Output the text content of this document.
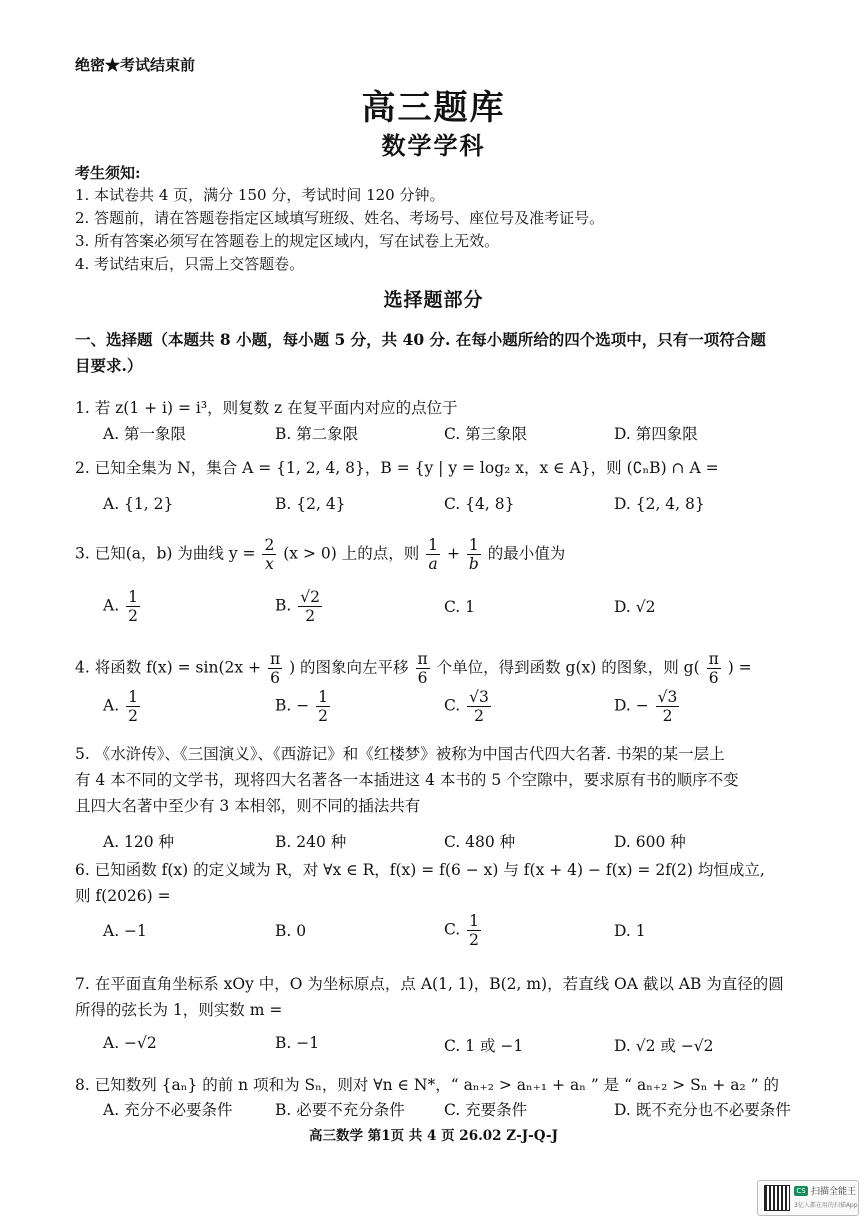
绝密★考试结束前
高三题库
数学学科
考生须知:
1. 本试卷共 4 页，满分 150 分，考试时间 120 分钟。
2. 答题前，请在答题卷指定区域填写班级、姓名、考场号、座位号及准考证号。
3. 所有答案必须写在答题卷上的规定区域内，写在试卷上无效。
4. 考试结束后，只需上交答题卷。
选择题部分
一、选择题（本题共 8 小题，每小题 5 分，共 40 分. 在每小题所给的四个选项中，只有一项符合题
目要求.）
1. 若 z(1 + i) = i³，则复数 z 在复平面内对应的点位于
A. 第一象限	B. 第二象限	C. 第三象限	D. 第四象限
2. 已知全集为 N，集合 A = {1, 2, 4, 8}，B = {y | y = log₂ x，x ∈ A}，则 (∁ₙB) ∩ A =
A. {1, 2}	B. {2, 4}	C. {4, 8}	D. {2, 4, 8}
3. 已知(a，b) 为曲线 $y = \frac{2}{x} (x > 0)$ 上的点，则 $\frac{1}{a} + \frac{1}{b}$ 的最小值为
A. $\frac{1}{2}$	B. $\frac{√2}{2}$	C. 1	D. √2
4. 将函数 $f(x) = \sin(2x + \frac{\pi}{6}$ ) 的图象向左平移 $\frac{\pi}{6}$ 个单位，得到函数 g(x) 的图象，则 $g( \frac{\pi}{6}$ ) =
A. $\frac{1}{2}$	B. − $\frac{1}{2}$	C. $\frac{√3}{2}$	D. − $\frac{√3}{2}$
5. 《水浒传》、《三国演义》、《西游记》和《红楼梦》被称为中国古代四大名著. 书架的某一层上
有 4 本不同的文学书，现将四大名著各一本插进这 4 本书的 5 个空隙中，要求原有书的顺序不变
且四大名著中至少有 3 本相邻，则不同的插法共有
A. 120 种	B. 240 种	C. 480 种	D. 600 种
6. 已知函数 f(x) 的定义域为 R，对 ∀x ∈ R，f(x) = f(6 − x) 与 f(x + 4) − f(x) = 2f(2) 均恒成立,
则 f(2026) =
A. −1	B. 0	C. $\frac{1}{2}$	D. 1
7. 在平面直角坐标系 xOy 中，O 为坐标原点，点 A(1, 1)，B(2, m)，若直线 OA 截以 AB 为直径的圆
所得的弦长为 1，则实数 m =
A. −√2	B. −1	C. 1 或 −1	D. √2 或 −√2
8. 已知数列 {aₙ} 的前 n 项和为 Sₙ，则对 ∀n ∈ N*，“ aₙ₊₂ > aₙ₊₁ + aₙ ” 是 “ aₙ₊₂ > Sₙ + a₂ ” 的
A. 充分不必要条件	B. 必要不充分条件	C. 充要条件	D. 既不充分也不必要条件
高三数学 第1页 共 4 页 26.02 Z-J-Q-J
CS 扫描全能王
3亿人都在用的扫描App
